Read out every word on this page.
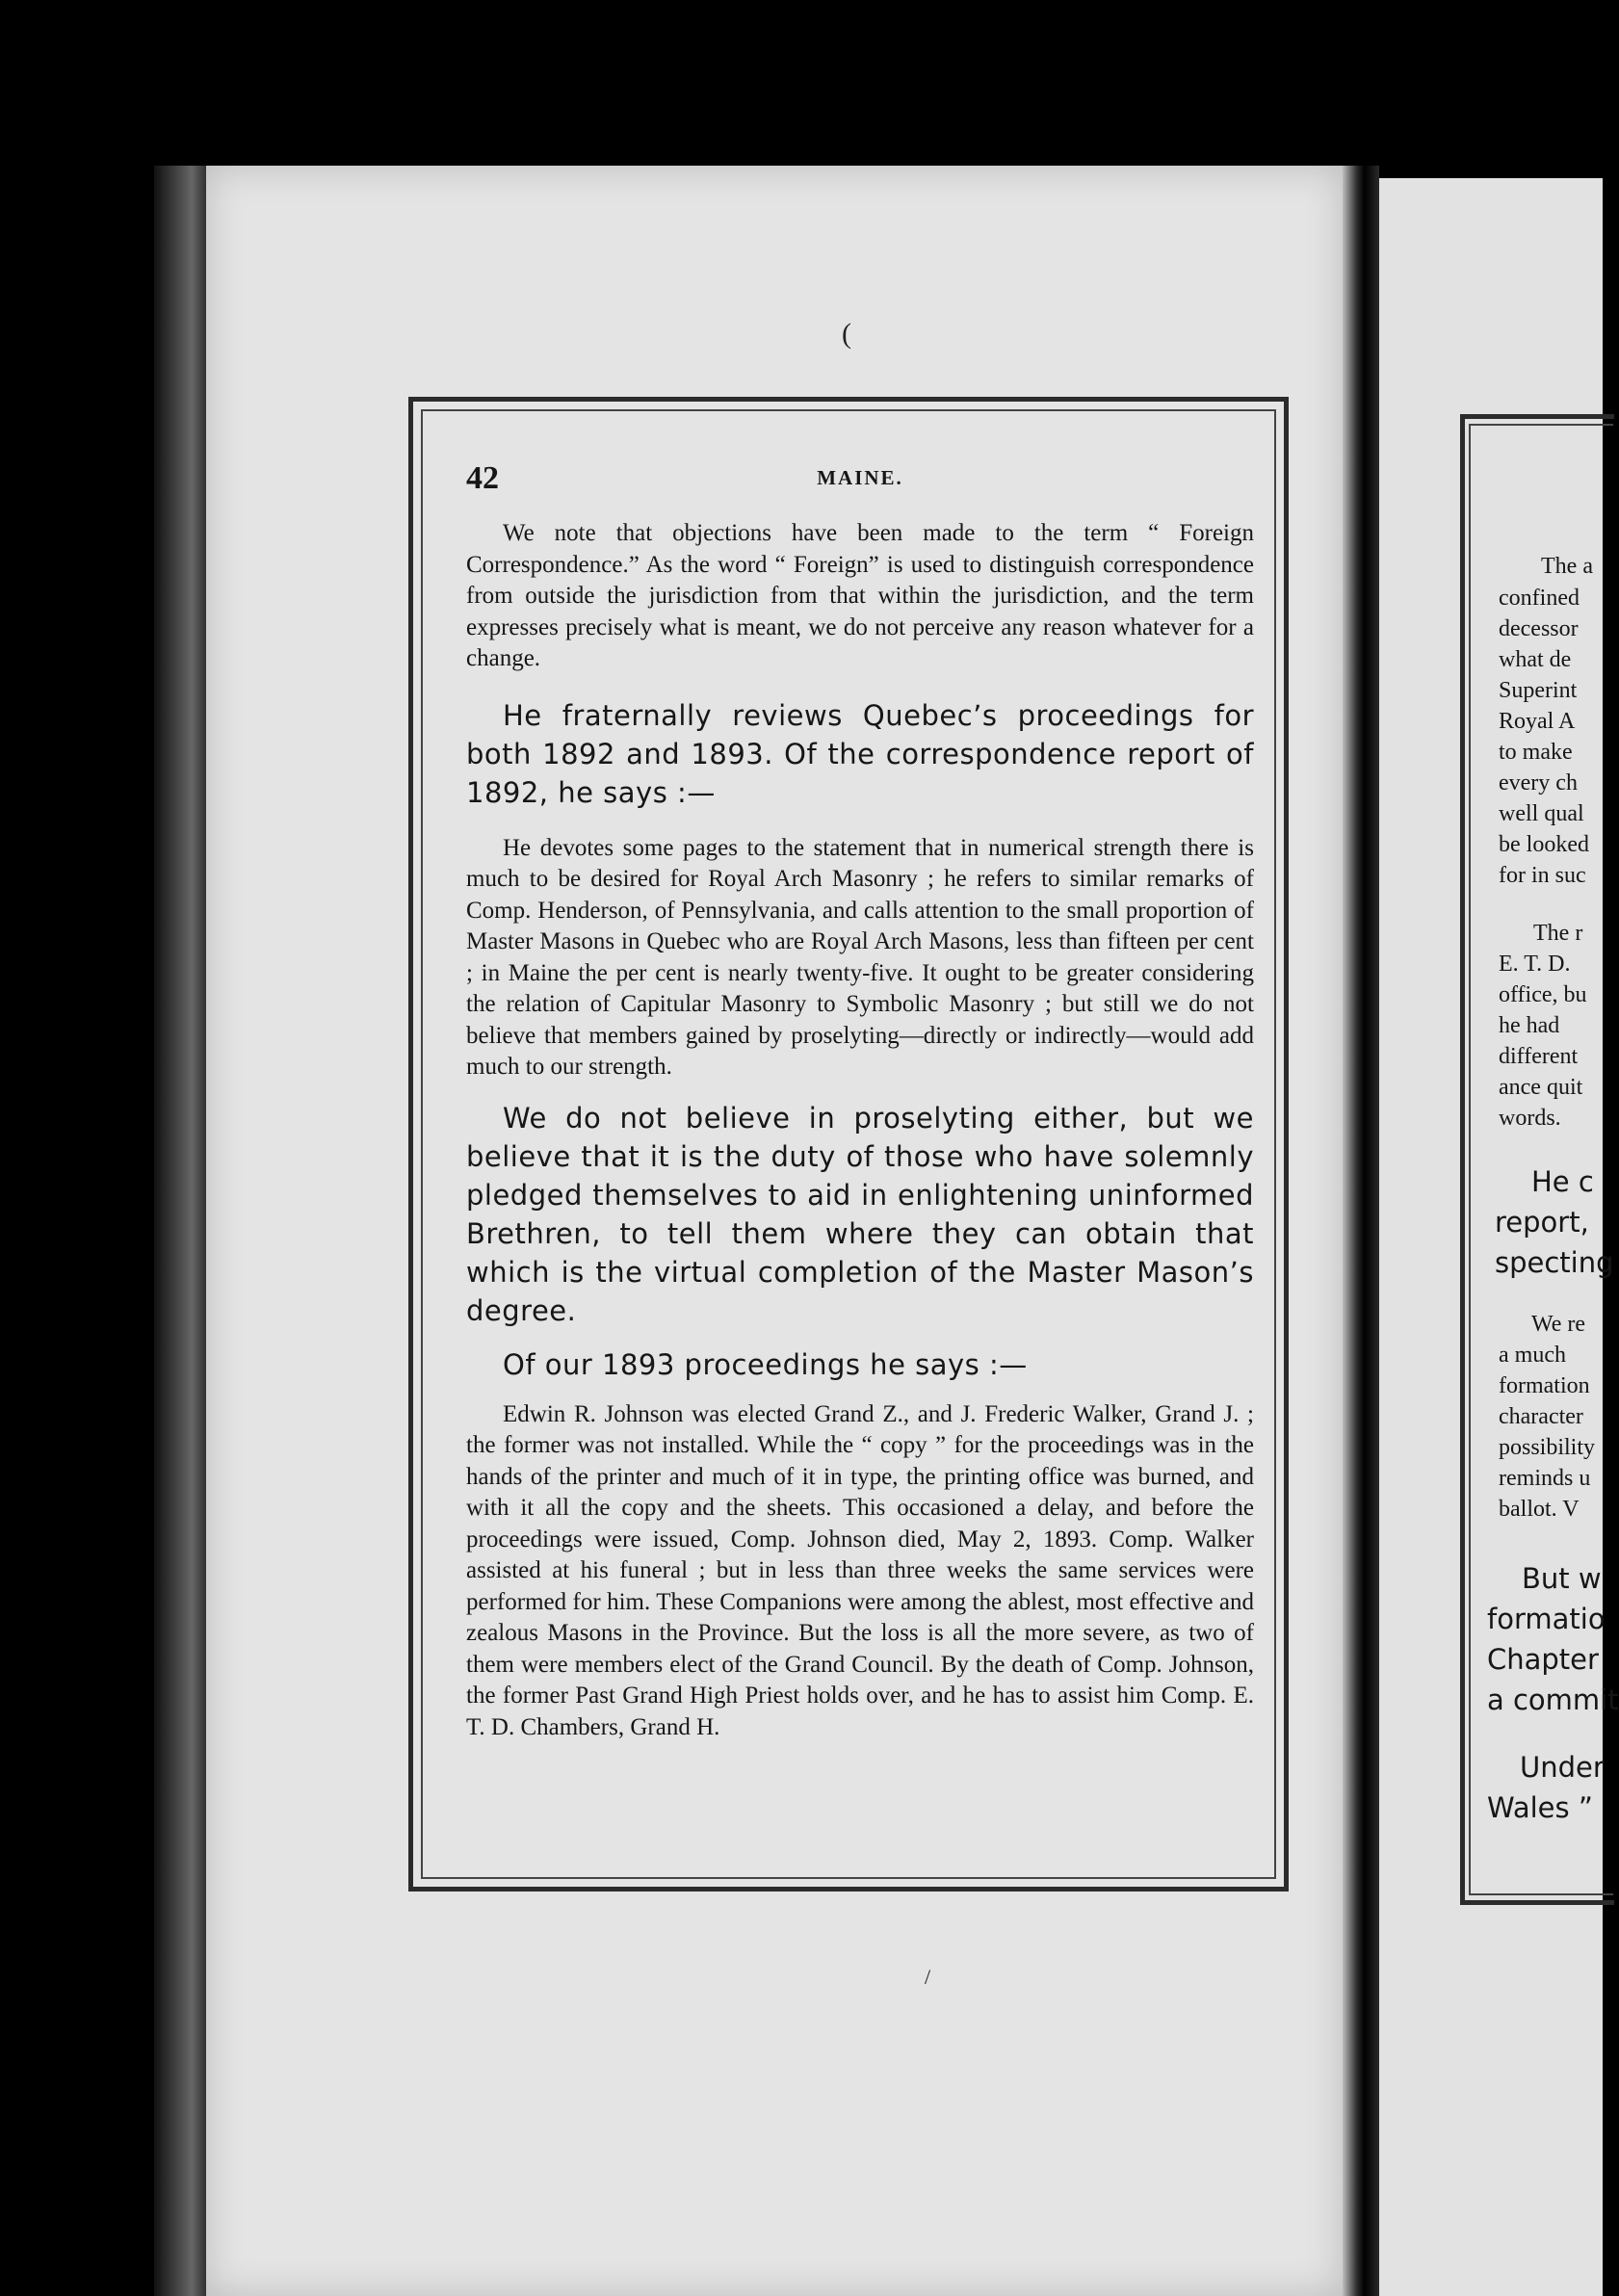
42	MAINE.

We note that objections have been made to the term “ Foreign Correspondence.” As the word “ Foreign” is used to distinguish correspondence from outside the jurisdiction from that within the jurisdiction, and the term expresses precisely what is meant, we do not perceive any reason whatever for a change.

He fraternally reviews Quebec’s proceedings for both 1892 and 1893. Of the correspondence report of 1892, he says :—

He devotes some pages to the statement that in numerical strength there is much to be desired for Royal Arch Masonry ; he refers to similar remarks of Comp. Henderson, of Pennsylvania, and calls attention to the small proportion of Master Masons in Quebec who are Royal Arch Masons, less than fifteen per cent ; in Maine the per cent is nearly twenty-five. It ought to be greater considering the relation of Capitular Masonry to Symbolic Masonry ; but still we do not believe that members gained by proselyting—directly or indirectly—would add much to our strength.

We do not believe in proselyting either, but we believe that it is the duty of those who have solemnly pledged themselves to aid in enlightening uninformed Brethren, to tell them where they can obtain that which is the virtual completion of the Master Mason’s degree.

Of our 1893 proceedings he says :—

Edwin R. Johnson was elected Grand Z., and J. Frederic Walker, Grand J. ; the former was not installed. While the “ copy ” for the proceedings was in the hands of the printer and much of it in type, the printing office was burned, and with it all the copy and the sheets. This occasioned a delay, and before the proceedings were issued, Comp. Johnson died, May 2, 1893. Comp. Walker assisted at his funeral ; but in less than three weeks the same services were performed for him. These Companions were among the ablest, most effective and zealous Masons in the Province. But the loss is all the more severe, as two of them were members elect of the Grand Council. By the death of Comp. Johnson, the former Past Grand High Priest holds over, and he has to assist him Comp. E. T. D. Chambers, Grand H.

The a
confined
decessor
what de
Superint
Royal A
to make
every ch
well qual
be looked
for in suc
The r
E. T. D.
office, bu
he had
different
ance quit
words.
He c
report,
specting
We re
a much
formation
character
possibility
reminds u
ballot. V
But w
formatio
Chapter
a commit
Under
Wales ”
(
/
